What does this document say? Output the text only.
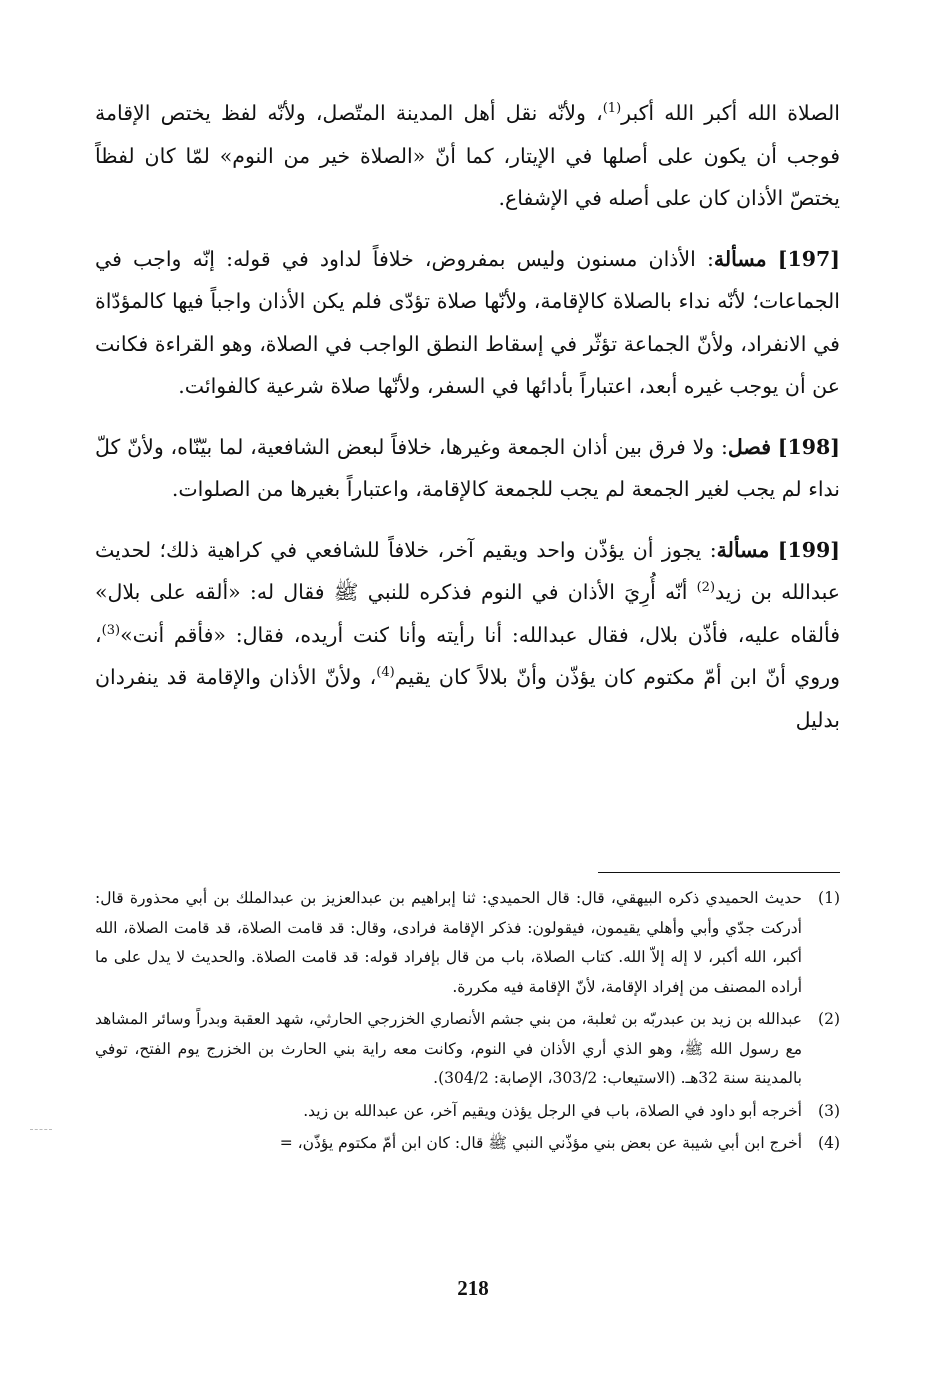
الصلاة الله أكبر الله أكبر$^{(1)}$، ولأنّه نقل أهل المدينة المتّصل، ولأنّه لفظ يختص الإقامة فوجب أن يكون على أصلها في الإيتار، كما أنّ «الصلاة خير من النوم» لمّا كان لفظاً يختصّ الأذان كان على أصله في الإشفاع.

[197] مسألة: الأذان مسنون وليس بمفروض، خلافاً لداود في قوله: إنّه واجب في الجماعات؛ لأنّه نداء بالصلاة كالإقامة، ولأنّها صلاة تؤدّى فلم يكن الأذان واجباً فيها كالمؤدّاة في الانفراد، ولأنّ الجماعة تؤثّر في إسقاط النطق الواجب في الصلاة، وهو القراءة فكانت عن أن يوجب غيره أبعد، اعتباراً بأدائها في السفر، ولأنّها صلاة شرعية كالفوائت.

[198] فصل: ولا فرق بين أذان الجمعة وغيرها، خلافاً لبعض الشافعية، لما بيّنّاه، ولأنّ كلّ نداء لم يجب لغير الجمعة لم يجب للجمعة كالإقامة، واعتباراً بغيرها من الصلوات.

[199] مسألة: يجوز أن يؤذّن واحد ويقيم آخر، خلافاً للشافعي في كراهية ذلك؛ لحديث عبدالله بن زيد$^{(2)}$ أنّه أُرِيَ الأذان في النوم فذكره للنبي ﷺ فقال له: «ألقه على بلال» فألقاه عليه، فأذّن بلال، فقال عبدالله: أنا رأيته وأنا كنت أريده، فقال: «فأقم أنت»$^{(3)}$، وروي أنّ ابن أمّ مكتوم كان يؤذّن وأنّ بلالاً كان يقيم$^{(4)}$، ولأنّ الأذان والإقامة قد ينفردان بدليل

(1)
حديث الحميدي ذكره البيهقي، قال: قال الحميدي: ثنا إبراهيم بن عبدالعزيز بن عبدالملك بن أبي محذورة قال: أدركت جدّي وأبي وأهلي يقيمون، فيقولون: فذكر الإقامة فرادى، وقال: قد قامت الصلاة، قد قامت الصلاة، الله أكبر، الله أكبر، لا إله إلاّ الله. كتاب الصلاة، باب من قال بإفراد قوله: قد قامت الصلاة. والحديث لا يدل على ما أراده المصنف من إفراد الإقامة، لأنّ الإقامة فيه مكررة.
(2)
عبدالله بن زيد بن عبدربّه بن ثعلبة، من بني جشم الأنصاري الخزرجي الحارثي، شهد العقبة وبدراً وسائر المشاهد مع رسول الله ﷺ، وهو الذي أري الأذان في النوم، وكانت معه راية بني الحارث بن الخزرج يوم الفتح، توفي بالمدينة سنة 32هـ. (الاستيعاب: 303/2، الإصابة: 304/2).
(3)
أخرجه أبو داود في الصلاة، باب في الرجل يؤذن ويقيم آخر، عن عبدالله بن زيد.
(4)
أخرج ابن أبي شيبة عن بعض بني مؤذّني النبي ﷺ قال: كان ابن أمّ مكتوم يؤذّن، =
218
